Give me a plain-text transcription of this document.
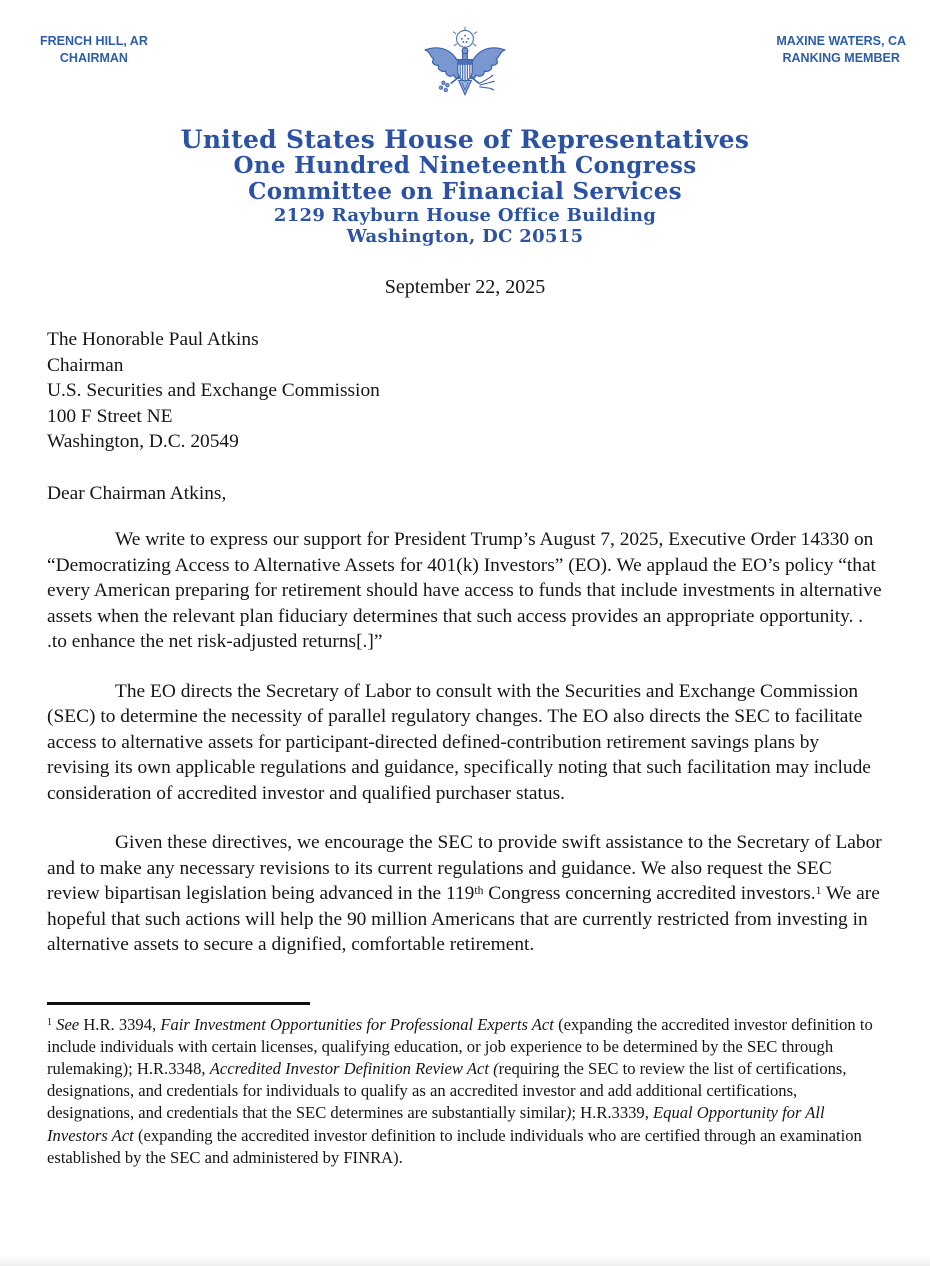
FRENCH HILL, AR
CHAIRMAN
MAXINE WATERS, CA
RANKING MEMBER
United States House of Representatives
One Hundred Nineteenth Congress
Committee on Financial Services
2129 Rayburn House Office Building
Washington, DC 20515
September 22, 2025
The Honorable Paul Atkins
Chairman
U.S. Securities and Exchange Commission
100 F Street NE
Washington, D.C. 20549
Dear Chairman Atkins,

We write to express our support for President Trump’s August 7, 2025, Executive Order 14330 on “Democratizing Access to Alternative Assets for 401(k) Investors” (EO). We applaud the EO’s policy “that every American preparing for retirement should have access to funds that include investments in alternative assets when the relevant plan fiduciary determines that such access provides an appropriate opportunity. . .to enhance the net risk-adjusted returns[.]”

The EO directs the Secretary of Labor to consult with the Securities and Exchange Commission (SEC) to determine the necessity of parallel regulatory changes. The EO also directs the SEC to facilitate access to alternative assets for participant-directed defined-contribution retirement savings plans by revising its own applicable regulations and guidance, specifically noting that such facilitation may include consideration of accredited investor and qualified purchaser status.

Given these directives, we encourage the SEC to provide swift assistance to the Secretary of Labor and to make any necessary revisions to its current regulations and guidance. We also request the SEC review bipartisan legislation being advanced in the 119th Congress concerning accredited investors.$^1$ We are hopeful that such actions will help the 90 million Americans that are currently restricted from investing in alternative assets to secure a dignified, comfortable retirement.

$^1$ See H.R. 3394, Fair Investment Opportunities for Professional Experts Act (expanding the accredited investor definition to include individuals with certain licenses, qualifying education, or job experience to be determined by the SEC through rulemaking); H.R.3348, Accredited Investor Definition Review Act (requiring the SEC to review the list of certifications, designations, and credentials for individuals to qualify as an accredited investor and add additional certifications, designations, and credentials that the SEC determines are substantially similar); H.R.3339, Equal Opportunity for All Investors Act (expanding the accredited investor definition to include individuals who are certified through an examination established by the SEC and administered by FINRA).
